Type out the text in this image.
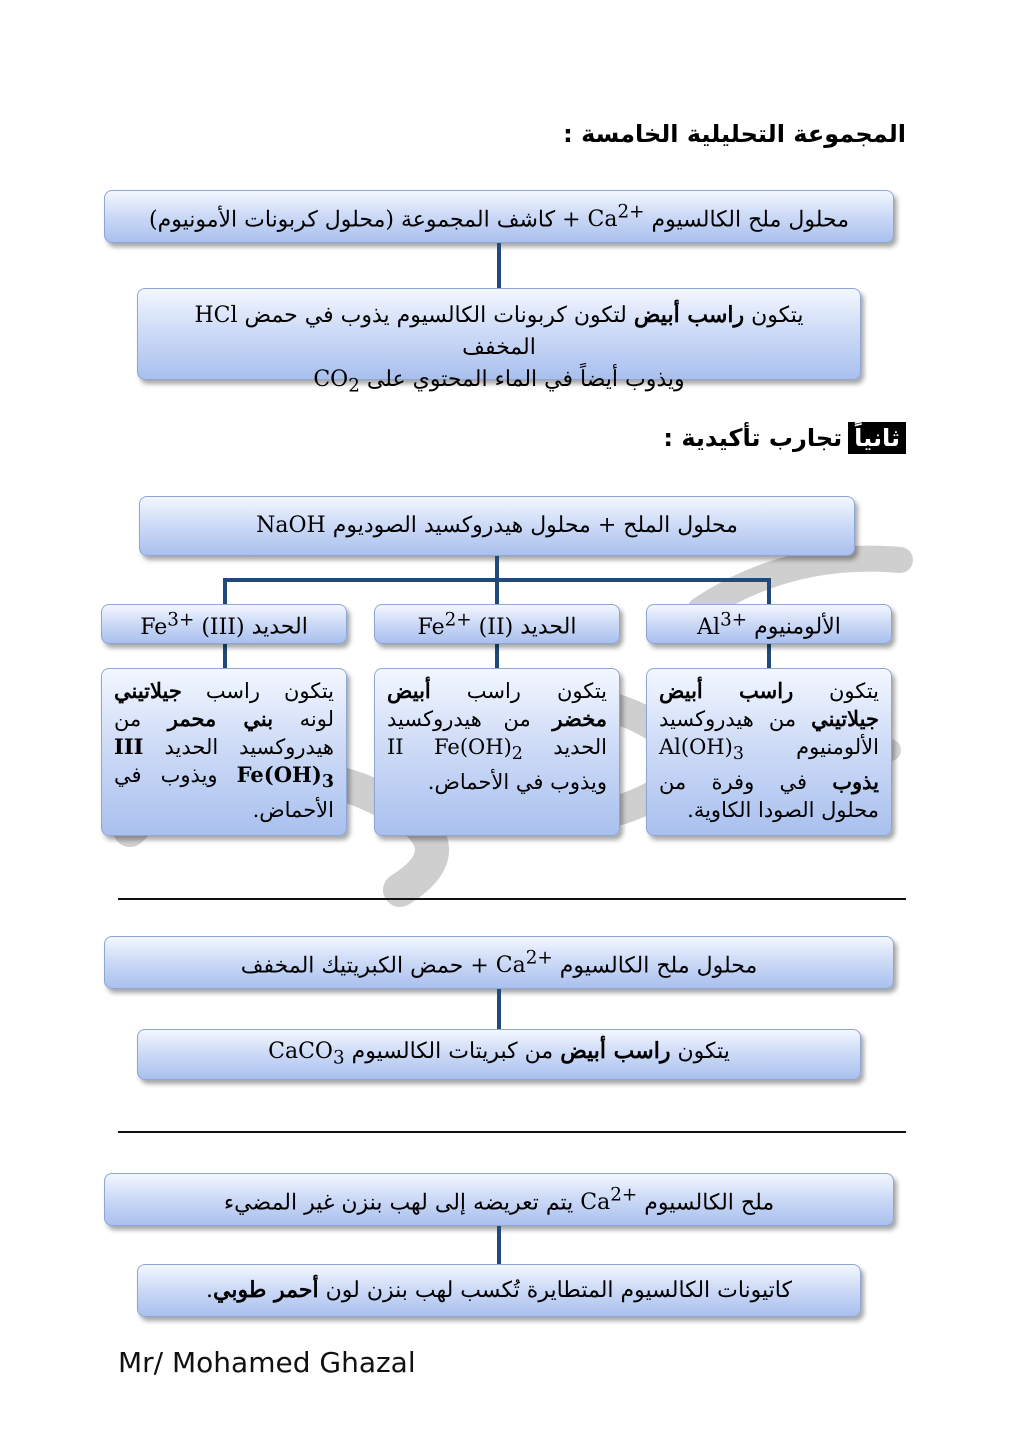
المجموعة التحليلية الخامسة :
محلول ملح الكالسيوم $Ca^{2+}$ + كاشف المجموعة (محلول كربونات الأمونيوم)
يتكون راسب أبيض لتكون كربونات الكالسيوم يذوب في حمض HCl المخفف
ويذوب أيضاً في الماء المحتوي على $CO_2$
ثانياًتجارب تأكيدية :
محلول الملح + محلول هيدروكسيد الصوديوم NaOH
الحديد $Fe^{3+}$ (III)	الحديد $Fe^{2+}$ (II)	الألومنيوم $Al^{3+}$
يتكون راسب جيلاتيني لونه بني محمر من هيدروكسيد الحديد III $Fe(OH)_3$ ويذوب في الأحماض.
يتكون راسب أبيض مخضر من هيدروكسيد الحديد II $Fe(OH)_2$ ويذوب في الأحماض.
يتكون راسب أبيض جيلاتيني من هيدروكسيد الألومنيوم $Al(OH)_3$ يذوب في وفرة من محلول الصودا الكاوية.
محلول ملح الكالسيوم $Ca^{2+}$ + حمض الكبريتيك المخفف
يتكون راسب أبيض من كبريتات الكالسيوم CaCO$_3$
ملح الكالسيوم $Ca^{2+}$ يتم تعريضه إلى لهب بنزن غير المضيء
كاتيونات الكالسيوم المتطايرة تُكسب لهب بنزن لون أحمر طوبي.
Mr/ Mohamed Ghazal
